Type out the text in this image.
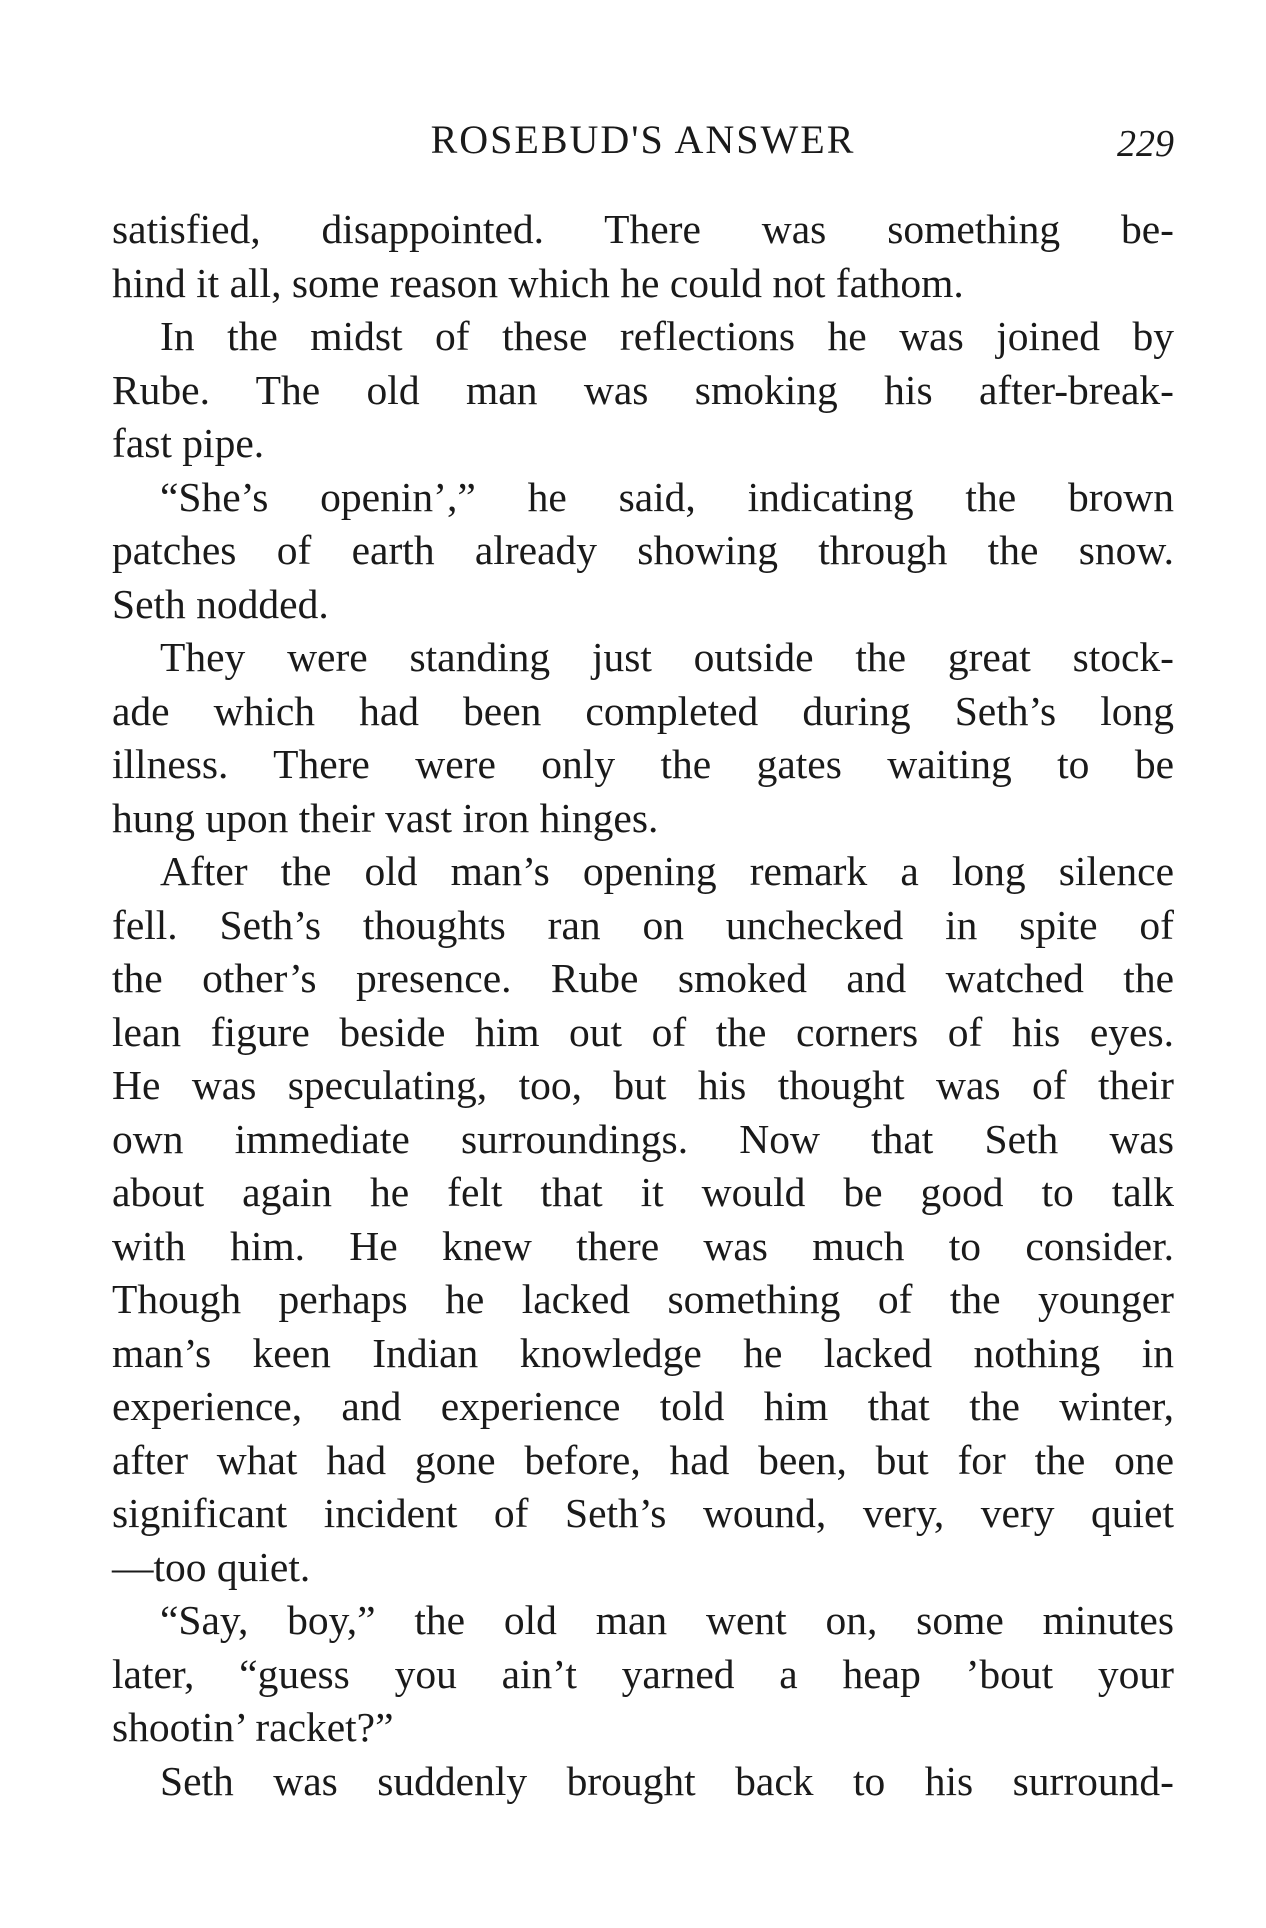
ROSEBUD'S ANSWER	229
satisfied, disappointed. There was something be-
hind it all, some reason which he could not fathom.
In the midst of these reflections he was joined by
Rube. The old man was smoking his after-break-
fast pipe.
“She’s openin’,” he said, indicating the brown
patches of earth already showing through the snow.
Seth nodded.
They were standing just outside the great stock-
ade which had been completed during Seth’s long
illness. There were only the gates waiting to be
hung upon their vast iron hinges.
After the old man’s opening remark a long silence
fell. Seth’s thoughts ran on unchecked in spite of
the other’s presence. Rube smoked and watched the
lean figure beside him out of the corners of his eyes.
He was speculating, too, but his thought was of their
own immediate surroundings. Now that Seth was
about again he felt that it would be good to talk
with him. He knew there was much to consider.
Though perhaps he lacked something of the younger
man’s keen Indian knowledge he lacked nothing in
experience, and experience told him that the winter,
after what had gone before, had been, but for the one
significant incident of Seth’s wound, very, very quiet
—too quiet.
“Say, boy,” the old man went on, some minutes
later, “guess you ain’t yarned a heap ’bout your
shootin’ racket?”
Seth was suddenly brought back to his surround-
